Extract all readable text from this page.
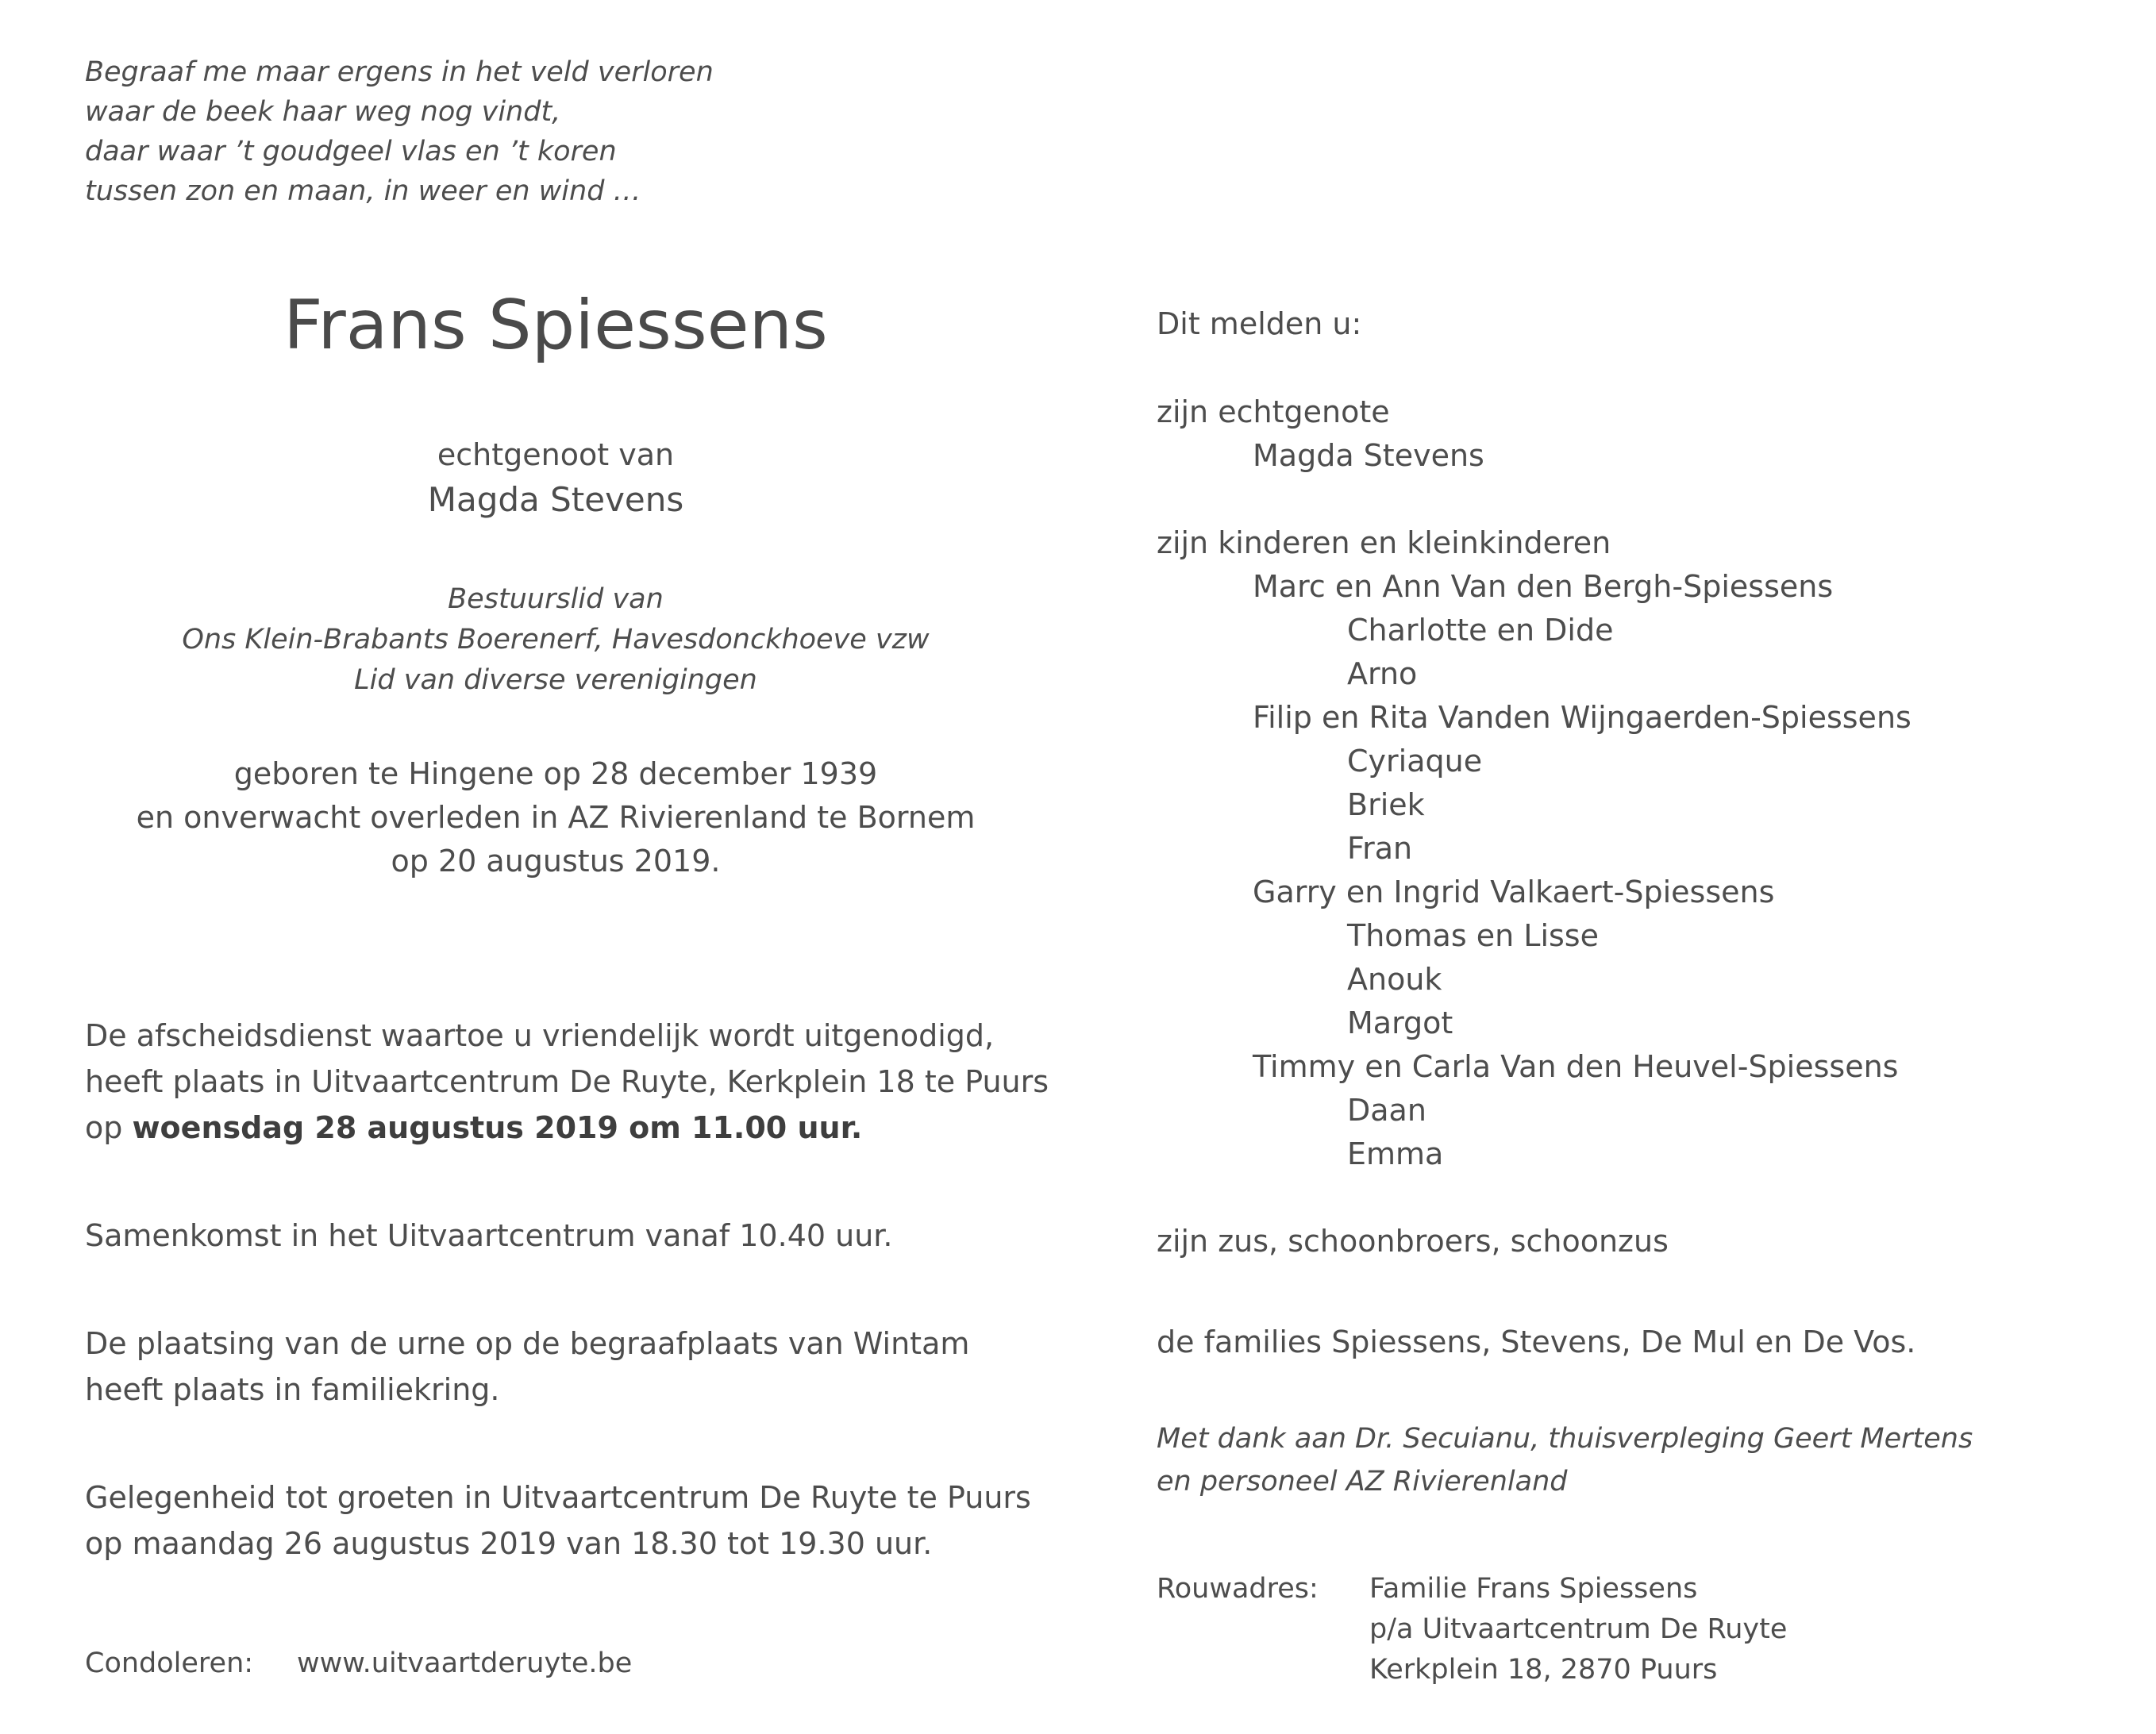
Begraaf me maar ergens in het veld verloren
waar de beek haar weg nog vindt,
daar waar ’t goudgeel vlas en ’t koren
tussen zon en maan, in weer en wind …
Frans Spiessens
echtgenoot van
Magda Stevens
Bestuurslid van
Ons Klein-Brabants Boerenerf, Havesdonckhoeve vzw
Lid van diverse verenigingen
geboren te Hingene op 28 december 1939
en onverwacht overleden in AZ Rivierenland te Bornem
op 20 augustus 2019.
De afscheidsdienst waartoe u vriendelijk wordt uitgenodigd,
heeft plaats in Uitvaartcentrum De Ruyte, Kerkplein 18 te Puurs
op woensdag 28 augustus 2019 om 11.00 uur.
Samenkomst in het Uitvaartcentrum vanaf 10.40 uur.
De plaatsing van de urne op de begraafplaats van Wintam
heeft plaats in familiekring.
Gelegenheid tot groeten in Uitvaartcentrum De Ruyte te Puurs
op maandag 26 augustus 2019 van 18.30 tot 19.30 uur.
Condoleren: www.uitvaartderuyte.be
Dit melden u:
zijn echtgenote
Magda Stevens
zijn kinderen en kleinkinderen
Marc en Ann Van den Bergh-Spiessens
Charlotte en Dide
Arno
Filip en Rita Vanden Wijngaerden-Spiessens
Cyriaque
Briek
Fran
Garry en Ingrid Valkaert-Spiessens
Thomas en Lisse
Anouk
Margot
Timmy en Carla Van den Heuvel-Spiessens
Daan
Emma
zijn zus, schoonbroers, schoonzus
de families Spiessens, Stevens, De Mul en De Vos.
Met dank aan Dr. Secuianu, thuisverpleging Geert Mertens
en personeel AZ Rivierenland
Rouwadres: Familie Frans Spiessens
p/a Uitvaartcentrum De Ruyte
Kerkplein 18, 2870 Puurs
